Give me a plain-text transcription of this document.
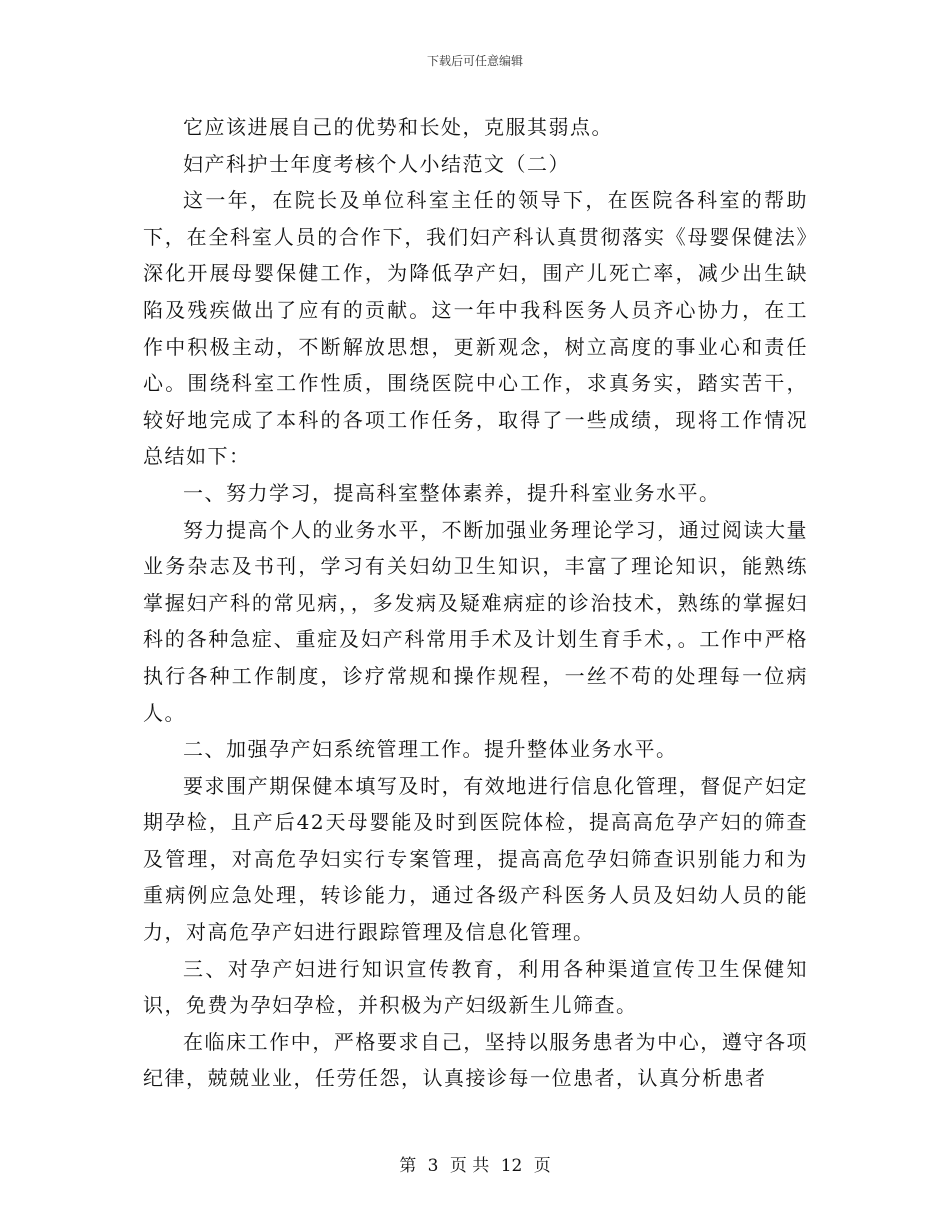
下载后可任意编辑

它应该进展自己的优势和长处，克服其弱点。

妇产科护士年度考核个人小结范文（二）

这一年，在院长及单位科室主任的领导下，在医院各科室的帮助下，在全科室人员的合作下，我们妇产科认真贯彻落实《母婴保健法》深化开展母婴保健工作，为降低孕产妇，围产儿死亡率，减少出生缺陷及残疾做出了应有的贡献。这一年中我科医务人员齐心协力，在工作中积极主动，不断解放思想，更新观念，树立高度的事业心和责任心。围绕科室工作性质，围绕医院中心工作，求真务实，踏实苦干，较好地完成了本科的各项工作任务，取得了一些成绩，现将工作情况总结如下：

一、努力学习，提高科室整体素养，提升科室业务水平。

努力提高个人的业务水平，不断加强业务理论学习，通过阅读大量业务杂志及书刊，学习有关妇幼卫生知识，丰富了理论知识，能熟练掌握妇产科的常见病，，多发病及疑难病症的诊治技术，熟练的掌握妇科的各种急症、重症及妇产科常用手术及计划生育手术，。工作中严格执行各种工作制度，诊疗常规和操作规程，一丝不苟的处理每一位病人。

二、加强孕产妇系统管理工作。提升整体业务水平。

要求围产期保健本填写及时，有效地进行信息化管理，督促产妇定期孕检，且产后42天母婴能及时到医院体检，提高高危孕产妇的筛查及管理，对高危孕妇实行专案管理，提高高危孕妇筛查识别能力和为重病例应急处理，转诊能力，通过各级产科医务人员及妇幼人员的能力，对高危孕产妇进行跟踪管理及信息化管理。

三、对孕产妇进行知识宣传教育，利用各种渠道宣传卫生保健知识，免费为孕妇孕检，并积极为产妇级新生儿筛查。

在临床工作中，严格要求自己，坚持以服务患者为中心，遵守各项纪律，兢兢业业，任劳任怨，认真接诊每一位患者，认真分析患者

第 3 页 共 12 页
